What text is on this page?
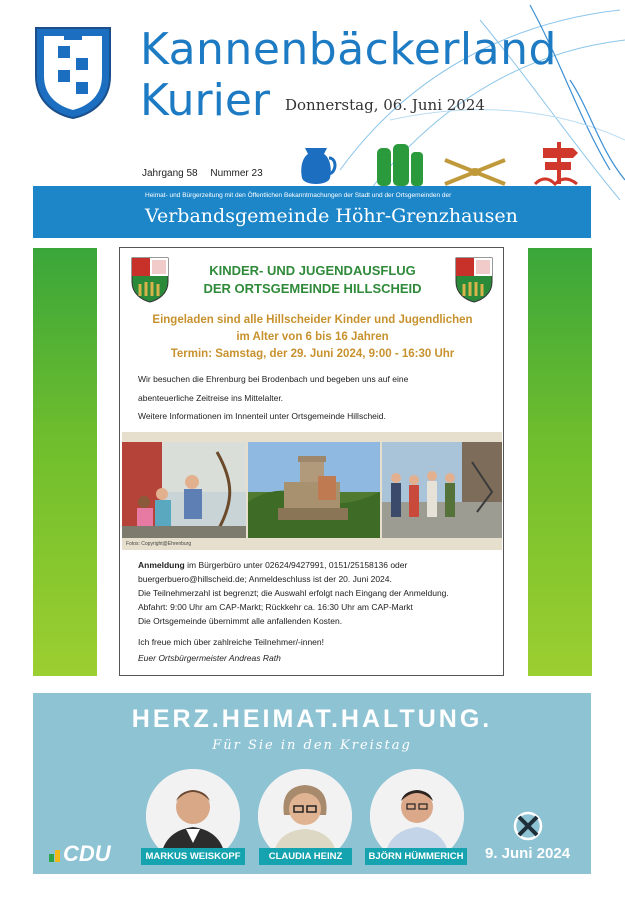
Kannenbäckerland
Kurier Donnerstag, 06. Juni 2024
Jahrgang 58 Nummer 23
Heimat- und Bürgerzeitung mit den Öffentlichen Bekanntmachungen der Stadt und der Ortsgemeinden der
Verbandsgemeinde Höhr-Grenzhausen
KINDER- UND JUGENDAUSFLUG
DER ORTSGEMEINDE HILLSCHEID
Eingeladen sind alle Hillscheider Kinder und Jugendlichen
im Alter von 6 bis 16 Jahren
Termin: Samstag, der 29. Juni 2024, 9:00 - 16:30 Uhr
Wir besuchen die Ehrenburg bei Brodenbach und begeben uns auf eine
abenteuerliche Zeitreise ins Mittelalter.
Weitere Informationen im Innenteil unter Ortsgemeinde Hillscheid.
Fotos: Copyright@Ehrenburg
Anmeldung im Bürgerbüro unter 02624/9427991, 0151/25158136 oder
buergerbuero@hillscheid.de; Anmeldeschluss ist der 20. Juni 2024.
Die Teilnehmerzahl ist begrenzt; die Auswahl erfolgt nach Eingang der Anmeldung.
Abfahrt: 9:00 Uhr am CAP-Markt; Rückkehr ca. 16:30 Uhr am CAP-Markt
Die Ortsgemeinde übernimmt alle anfallenden Kosten.
Ich freue mich über zahlreiche Teilnehmer/-innen!
Euer Ortsbürgermeister Andreas Rath
HERZ.HEIMAT.HALTUNG.
Für Sie in den Kreistag
MARKUS WEISKOPF	CLAUDIA HEINZ	BJÖRN HÜMMERICH
CDU	9. Juni 2024
